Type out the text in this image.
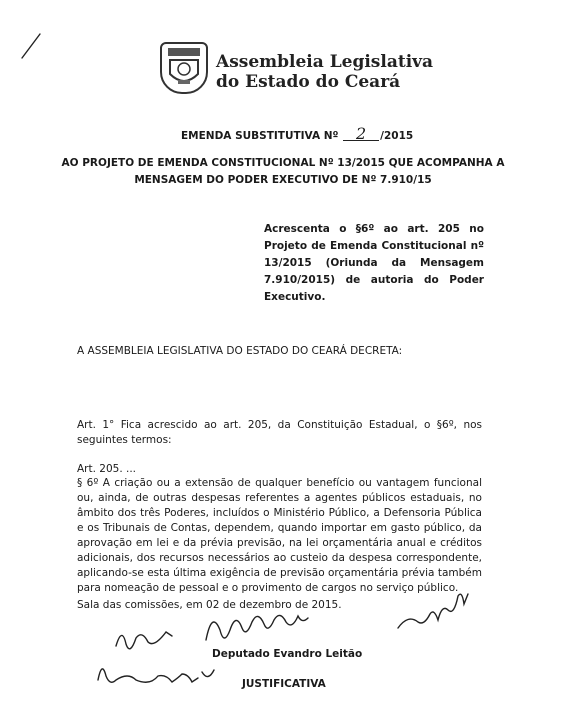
Assembleia Legislativa
do Estado do Ceará
EMENDA SUBSTITUTIVA Nº 2 /2015
AO PROJETO DE EMENDA CONSTITUCIONAL Nº 13/2015 QUE ACOMPANHA A
MENSAGEM DO PODER EXECUTIVO DE Nº 7.910/15
Acrescenta o §6º ao art. 205 no Projeto de Emenda Constitucional nº 13/2015 (Oriunda da Mensagem 7.910/2015) de autoria do Poder Executivo.
A ASSEMBLEIA LEGISLATIVA DO ESTADO DO CEARÁ DECRETA:
Art. 1° Fica acrescido ao art. 205, da Constituição Estadual, o §6º, nos seguintes termos:
Art. 205. ...
§ 6º A criação ou a extensão de qualquer benefício ou vantagem funcional ou, ainda, de outras despesas referentes a agentes públicos estaduais, no âmbito dos três Poderes, incluídos o Ministério Público, a Defensoria Pública e os Tribunais de Contas, dependem, quando importar em gasto público, da aprovação em lei e da prévia previsão, na lei orçamentária anual e créditos adicionais, dos recursos necessários ao custeio da despesa correspondente, aplicando-se esta última exigência de previsão orçamentária prévia também para nomeação de pessoal e o provimento de cargos no serviço público.
Sala das comissões, em 02 de dezembro de 2015.
Deputado Evandro Leitão
JUSTIFICATIVA
